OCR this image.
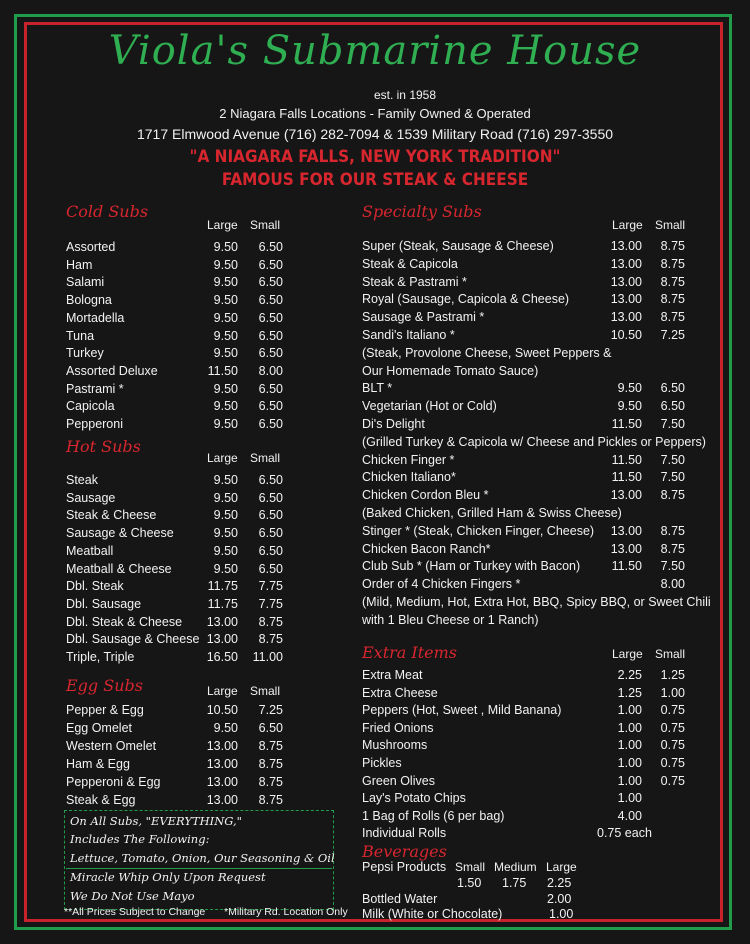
Viola's Submarine House
est. in 1958
2 Niagara Falls Locations - Family Owned & Operated
1717 Elmwood Avenue (716) 282-7094 & 1539 Military Road (716) 297-3550
"A NIAGARA FALLS, NEW YORK TRADITION"
FAMOUS FOR OUR STEAK & CHEESE
Cold Subs
Large Small
Assorted	9.50	6.50
Ham	9.50	6.50
Salami	9.50	6.50
Bologna	9.50	6.50
Mortadella	9.50	6.50
Tuna	9.50	6.50
Turkey	9.50	6.50
Assorted Deluxe	11.50	8.00
Pastrami *	9.50	6.50
Capicola	9.50	6.50
Pepperoni	9.50	6.50
Hot Subs
Large Small
Steak	9.50	6.50
Sausage	9.50	6.50
Steak & Cheese	9.50	6.50
Sausage & Cheese	9.50	6.50
Meatball	9.50	6.50
Meatball & Cheese	9.50	6.50
Dbl. Steak	11.75	7.75
Dbl. Sausage	11.75	7.75
Dbl. Steak & Cheese	13.00	8.75
Dbl. Sausage & Cheese 13.00	8.75
Triple, Triple	16.50	11.00
Egg Subs	Large Small
Pepper & Egg	10.50	7.25
Egg Omelet	9.50	6.50
Western Omelet	13.00	8.75
Ham & Egg	13.00	8.75
Pepperoni & Egg	13.00	8.75
Steak & Egg	13.00	8.75
On All Subs, "EVERYTHING,"
Includes The Following:
Lettuce, Tomato, Onion, Our Seasoning & Oil
Miracle Whip Only Upon Request
We Do Not Use Mayo
**All Prices Subject to Change *Military Rd. Location Only
Specialty Subs
Large Small
Super (Steak, Sausage & Cheese)	13.00	8.75
Steak & Capicola	13.00	8.75
Steak & Pastrami *	13.00	8.75
Royal (Sausage, Capicola & Cheese)	13.00	8.75
Sausage & Pastrami *	13.00	8.75
Sandi's Italiano *	10.50	7.25
(Steak, Provolone Cheese, Sweet Peppers &
Our Homemade Tomato Sauce)
BLT *	9.50	6.50
Vegetarian (Hot or Cold)	9.50	6.50
Di's Delight	11.50	7.50
(Grilled Turkey & Capicola w/ Cheese and Pickles or Peppers)
Chicken Finger *	11.50	7.50
Chicken Italiano*	11.50	7.50
Chicken Cordon Bleu *	13.00	8.75
(Baked Chicken, Grilled Ham & Swiss Cheese)
Stinger * (Steak, Chicken Finger, Cheese)	13.00	8.75
Chicken Bacon Ranch*	13.00	8.75
Club Sub * (Ham or Turkey with Bacon)	11.50	7.50
Order of 4 Chicken Fingers *	8.00
(Mild, Medium, Hot, Extra Hot, BBQ, Spicy BBQ, or Sweet Chili
with 1 Bleu Cheese or 1 Ranch)
Extra Items	Large Small
Extra Meat	2.25	1.25
Extra Cheese	1.25	1.00
Peppers (Hot, Sweet , Mild Banana)	1.00	0.75
Fried Onions	1.00	0.75
Mushrooms	1.00	0.75
Pickles	1.00	0.75
Green Olives	1.00	0.75
Lay's Potato Chips	1.00
1 Bag of Rolls (6 per bag)	4.00
Individual Rolls	0.75 each
Beverages
Pepsi Products Small Medium Large
1.50 1.75 2.25
Bottled Water	2.00
Milk (White or Chocolate)	1.00
